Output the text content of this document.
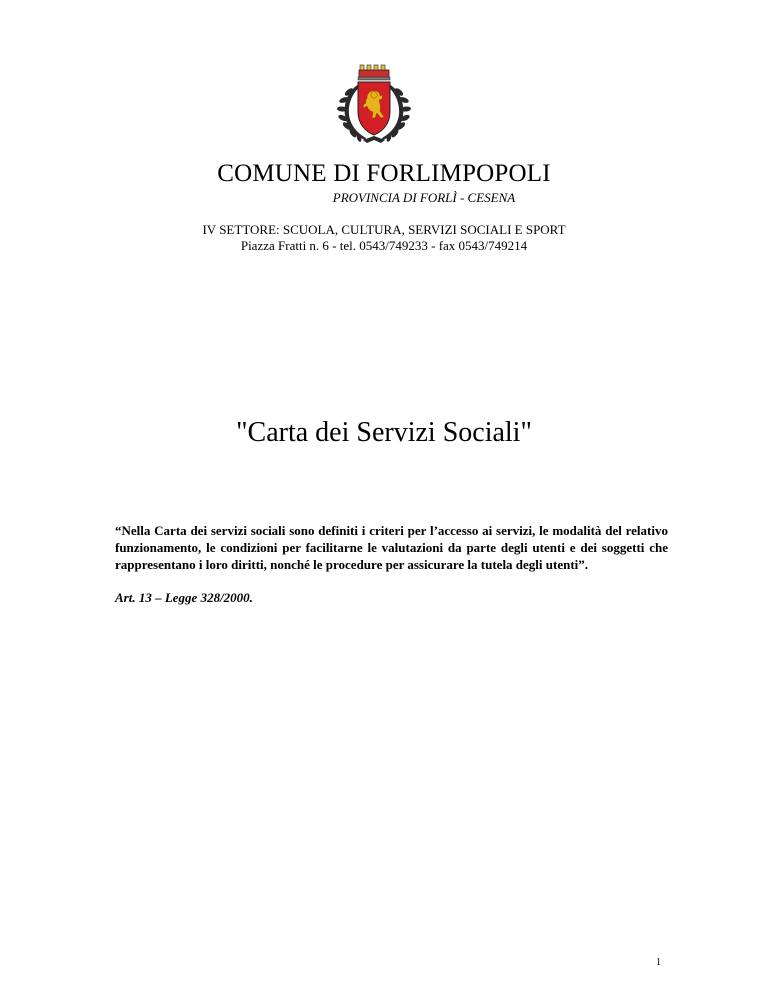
COMUNE DI FORLIMPOPOLI
PROVINCIA DI FORLÌ - CESENA
IV SETTORE: SCUOLA, CULTURA, SERVIZI SOCIALI E SPORT
Piazza Fratti n. 6 - tel. 0543/749233 - fax 0543/749214
"Carta dei Servizi Sociali"
“Nella Carta dei servizi sociali sono definiti i criteri per l’accesso ai servizi, le modalità del relativo funzionamento, le condizioni per facilitarne le valutazioni da parte degli utenti e dei soggetti che rappresentano i loro diritti, nonché le procedure per assicurare la tutela degli utenti”.
Art. 13 – Legge 328/2000.
1
